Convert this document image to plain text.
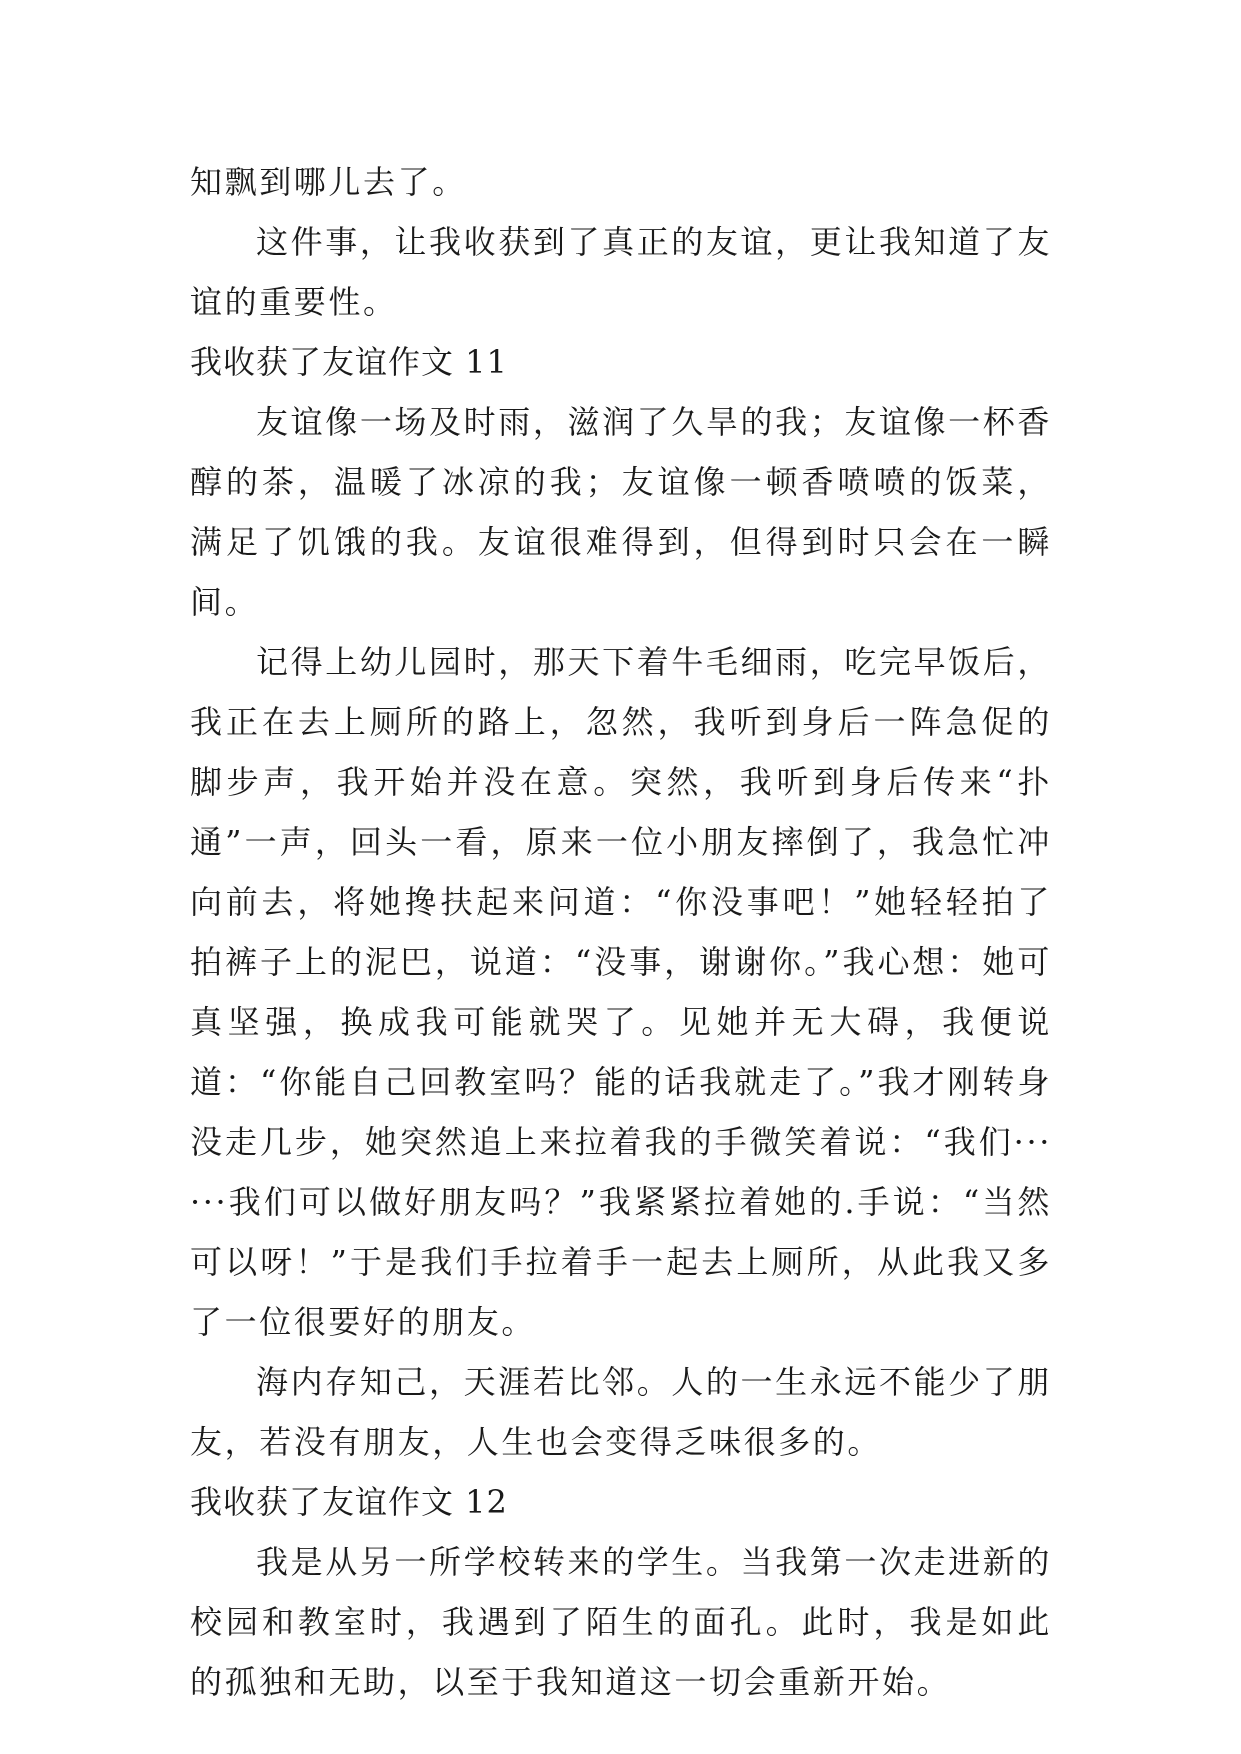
知飘到哪儿去了。

这件事，让我收获到了真正的友谊，更让我知道了友谊的重要性。

我收获了友谊作文 11

友谊像一场及时雨，滋润了久旱的我；友谊像一杯香醇的茶，温暖了冰凉的我；友谊像一顿香喷喷的饭菜，满足了饥饿的我。友谊很难得到，但得到时只会在一瞬间。

记得上幼儿园时，那天下着牛毛细雨，吃完早饭后，我正在去上厕所的路上，忽然，我听到身后一阵急促的脚步声，我开始并没在意。突然，我听到身后传来“扑通”一声，回头一看，原来一位小朋友摔倒了，我急忙冲向前去，将她搀扶起来问道：“你没事吧！”她轻轻拍了拍裤子上的泥巴，说道：“没事，谢谢你。”我心想：她可真坚强，换成我可能就哭了。见她并无大碍，我便说道：“你能自己回教室吗？能的话我就走了。”我才刚转身没走几步，她突然追上来拉着我的手微笑着说：“我们······我们可以做好朋友吗？”我紧紧拉着她的.手说：“当然可以呀！”于是我们手拉着手一起去上厕所，从此我又多了一位很要好的朋友。

海内存知己，天涯若比邻。人的一生永远不能少了朋友，若没有朋友，人生也会变得乏味很多的。

我收获了友谊作文 12

我是从另一所学校转来的学生。当我第一次走进新的校园和教室时，我遇到了陌生的面孔。此时，我是如此的孤独和无助，以至于我知道这一切会重新开始。
